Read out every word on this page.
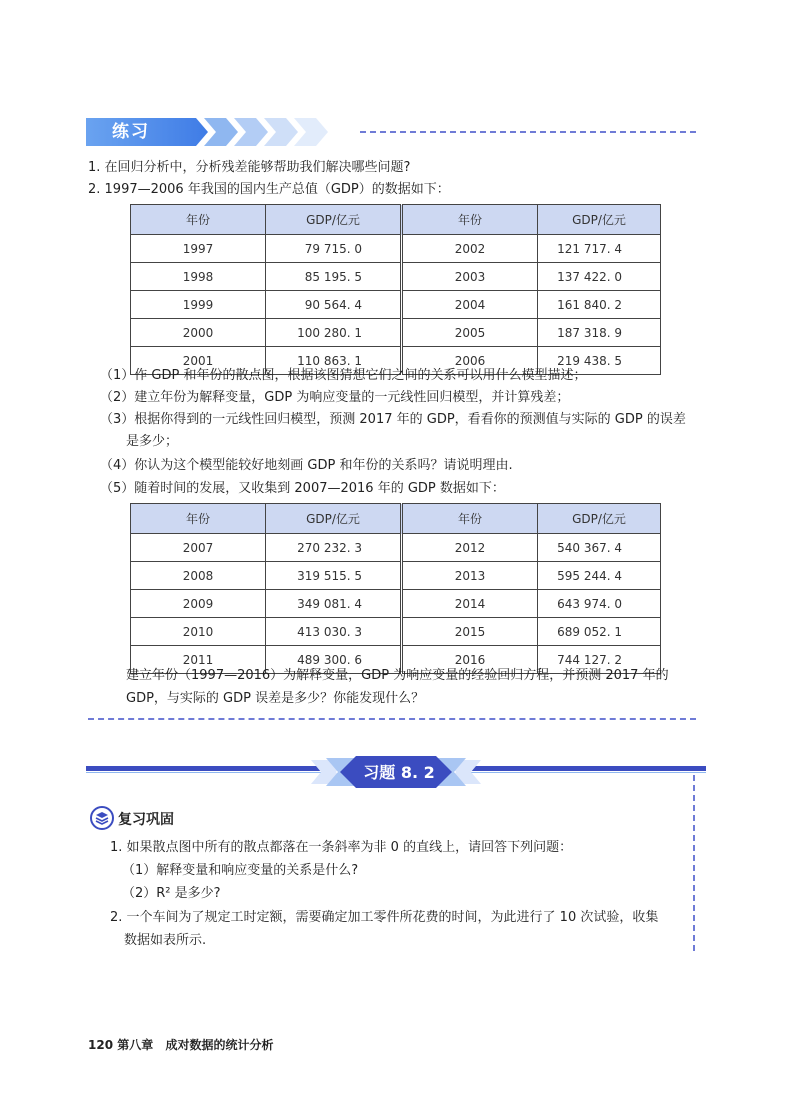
练习
1. 在回归分析中，分析残差能够帮助我们解决哪些问题?
2. 1997—2006 年我国的国内生产总值（GDP）的数据如下：
年份	GDP/亿元	年份	GDP/亿元
1997	79 715. 0	2002	121 717. 4
1998	85 195. 5	2003	137 422. 0
1999	90 564. 4	2004	161 840. 2
2000	100 280. 1	2005	187 318. 9
2001	110 863. 1	2006	219 438. 5
（1）作 GDP 和年份的散点图，根据该图猜想它们之间的关系可以用什么模型描述；
（2）建立年份为解释变量，GDP 为响应变量的一元线性回归模型，并计算残差；
（3）根据你得到的一元线性回归模型，预测 2017 年的 GDP，看看你的预测值与实际的 GDP 的误差
是多少；
（4）你认为这个模型能较好地刻画 GDP 和年份的关系吗？请说明理由.
（5）随着时间的发展，又收集到 2007—2016 年的 GDP 数据如下：
年份	GDP/亿元	年份	GDP/亿元
2007	270 232. 3	2012	540 367. 4
2008	319 515. 5	2013	595 244. 4
2009	349 081. 4	2014	643 974. 0
2010	413 030. 3	2015	689 052. 1
2011	489 300. 6	2016	744 127. 2
建立年份（1997—2016）为解释变量，GDP 为响应变量的经验回归方程，并预测 2017 年的
GDP，与实际的 GDP 误差是多少？你能发现什么？
习题 8. 2
复习巩固
1. 如果散点图中所有的散点都落在一条斜率为非 0 的直线上，请回答下列问题：
（1）解释变量和响应变量的关系是什么?
（2）R² 是多少?
2. 一个车间为了规定工时定额，需要确定加工零件所花费的时间，为此进行了 10 次试验，收集
数据如表所示.
120 第八章 成对数据的统计分析
